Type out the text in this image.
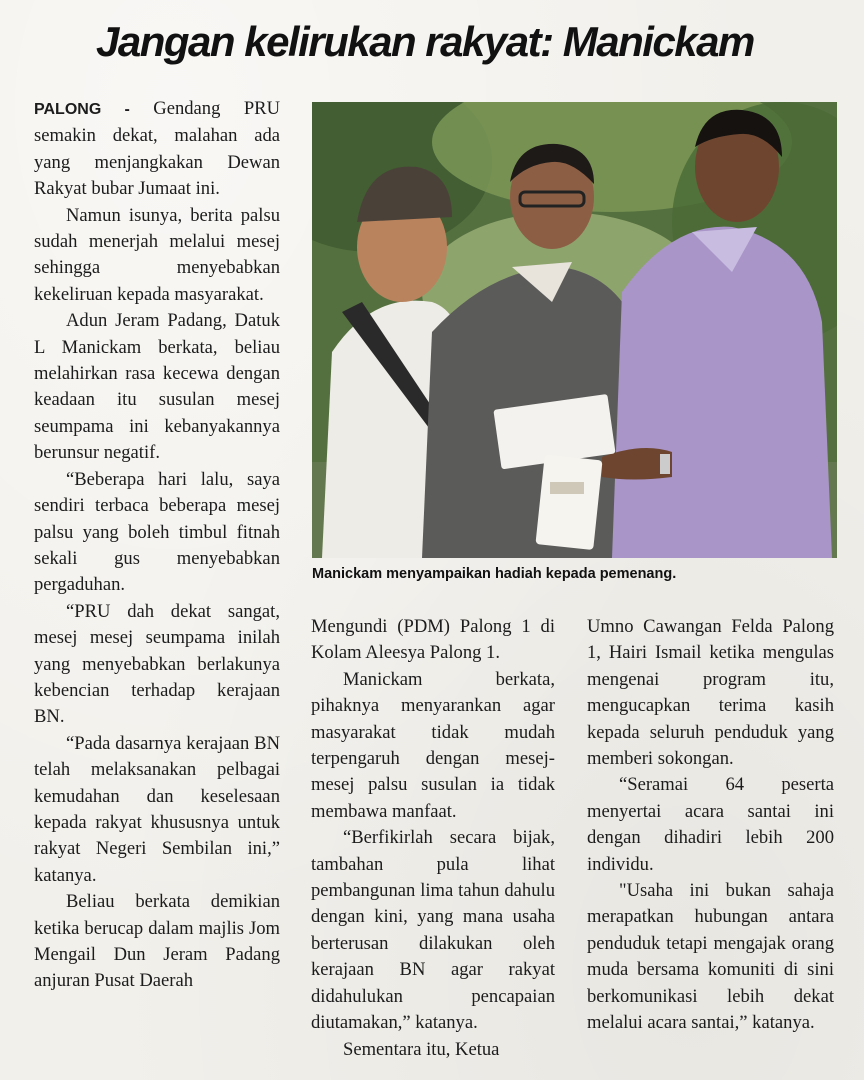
Jangan kelirukan rakyat: Manickam

PALONG - Gendang PRU semakin dekat, malahan ada yang menjangkakan Dewan Rakyat bubar Jumaat ini.

Namun isunya, berita palsu sudah menerjah melalui mesej sehingga menyebabkan kekeliruan kepada masyarakat.

Adun Jeram Padang, Datuk L Manickam berkata, beliau melahirkan rasa kecewa dengan keadaan itu susulan mesej seumpama ini kebanyakannya berunsur negatif.

“Beberapa hari lalu, saya sendiri terbaca beberapa mesej palsu yang boleh timbul fitnah sekali gus menyebabkan pergaduhan.

“PRU dah dekat sangat, mesej mesej seumpama inilah yang menyebabkan berlakunya kebencian terhadap kerajaan BN.

“Pada dasarnya kerajaan BN telah melaksanakan pelbagai kemudahan dan keselesaan kepada rakyat khususnya untuk rakyat Negeri Sembilan ini,” katanya.

Beliau berkata demikian ketika berucap dalam majlis Jom Mengail Dun Jeram Padang anjuran Pusat Daerah

Manickam menyampaikan hadiah kepada pemenang.

Mengundi (PDM) Palong 1 di Kolam Aleesya Palong 1.

Manickam berkata, pihaknya menyarankan agar masyarakat tidak mudah terpengaruh dengan mesej-mesej palsu susulan ia tidak membawa manfaat.

“Berfikirlah secara bijak, tambahan pula lihat pembangunan lima tahun dahulu dengan kini, yang mana usaha berterusan dilakukan oleh kerajaan BN agar rakyat didahulukan pencapaian diutamakan,” katanya.

Sementara itu, Ketua

Umno Cawangan Felda Palong 1, Hairi Ismail ketika mengulas mengenai program itu, mengucapkan terima kasih kepada seluruh penduduk yang memberi sokongan.

“Seramai 64 peserta menyertai acara santai ini dengan dihadiri lebih 200 individu.

"Usaha ini bukan sahaja merapatkan hubungan antara penduduk tetapi mengajak orang muda bersama komuniti di sini berkomunikasi lebih dekat melalui acara santai,” katanya.
